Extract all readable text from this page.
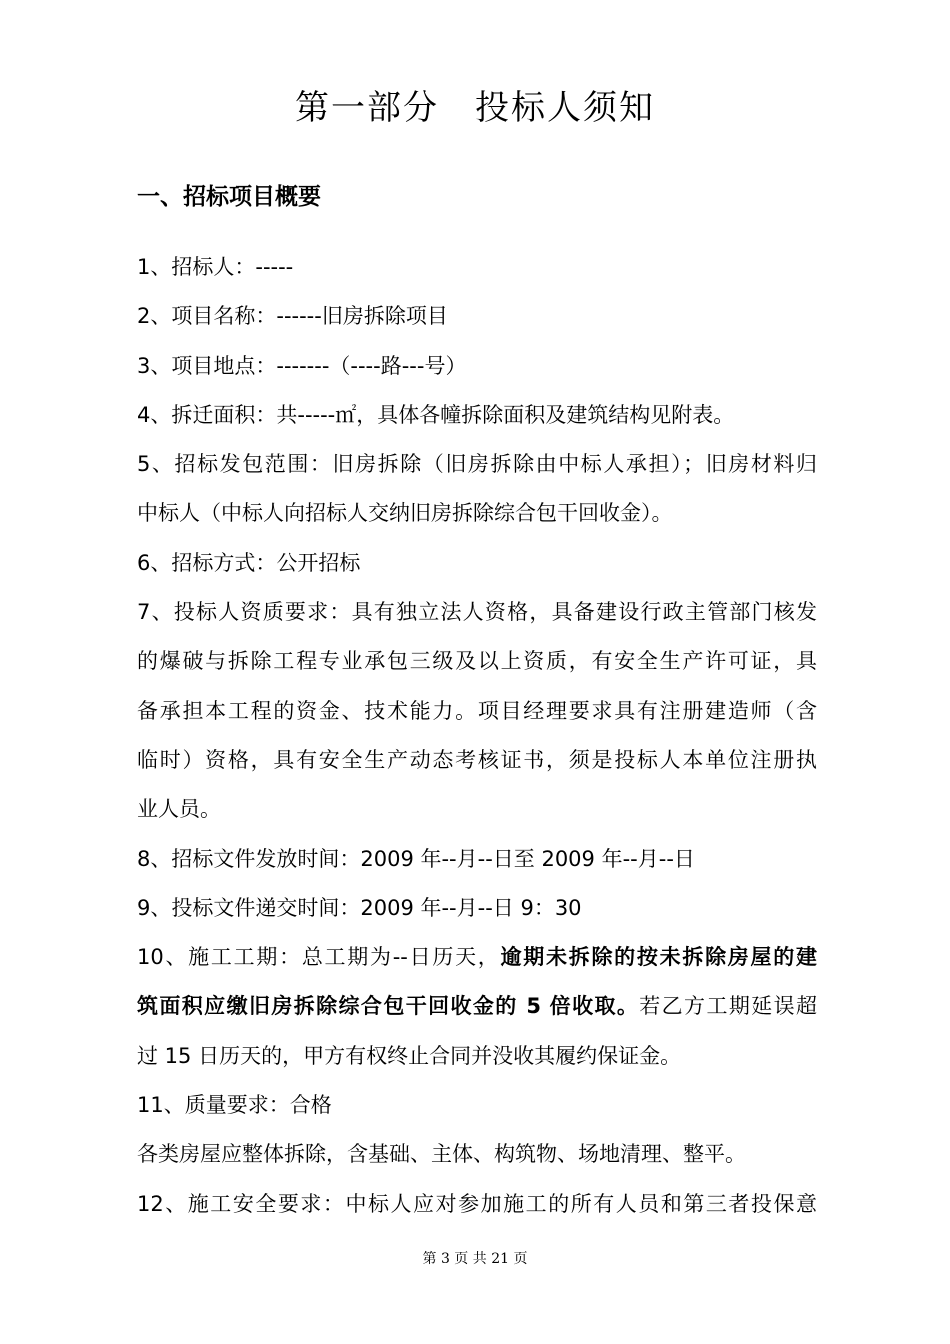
第一部分　投标人须知
一、招标项目概要
1、招标人：-----
2、项目名称：------旧房拆除项目
3、项目地点：-------（----路---号）
4、拆迁面积：共-----㎡，具体各幢拆除面积及建筑结构见附表。
5、招标发包范围：旧房拆除（旧房拆除由中标人承担）；旧房材料归
中标人（中标人向招标人交纳旧房拆除综合包干回收金）。
6、招标方式：公开招标
7、投标人资质要求：具有独立法人资格，具备建设行政主管部门核发
的爆破与拆除工程专业承包三级及以上资质，有安全生产许可证，具
备承担本工程的资金、技术能力。项目经理要求具有注册建造师（含
临时）资格，具有安全生产动态考核证书，须是投标人本单位注册执
业人员。
8、招标文件发放时间：2009 年--月--日至 2009 年--月--日
9、投标文件递交时间：2009 年--月--日 9：30
10、施工工期：总工期为--日历天，逾期未拆除的按未拆除房屋的建
筑面积应缴旧房拆除综合包干回收金的 5 倍收取。若乙方工期延误超
过 15 日历天的，甲方有权终止合同并没收其履约保证金。
11、质量要求：合格
各类房屋应整体拆除，含基础、主体、构筑物、场地清理、整平。
12、施工安全要求：中标人应对参加施工的所有人员和第三者投保意
第 3 页 共 21 页
